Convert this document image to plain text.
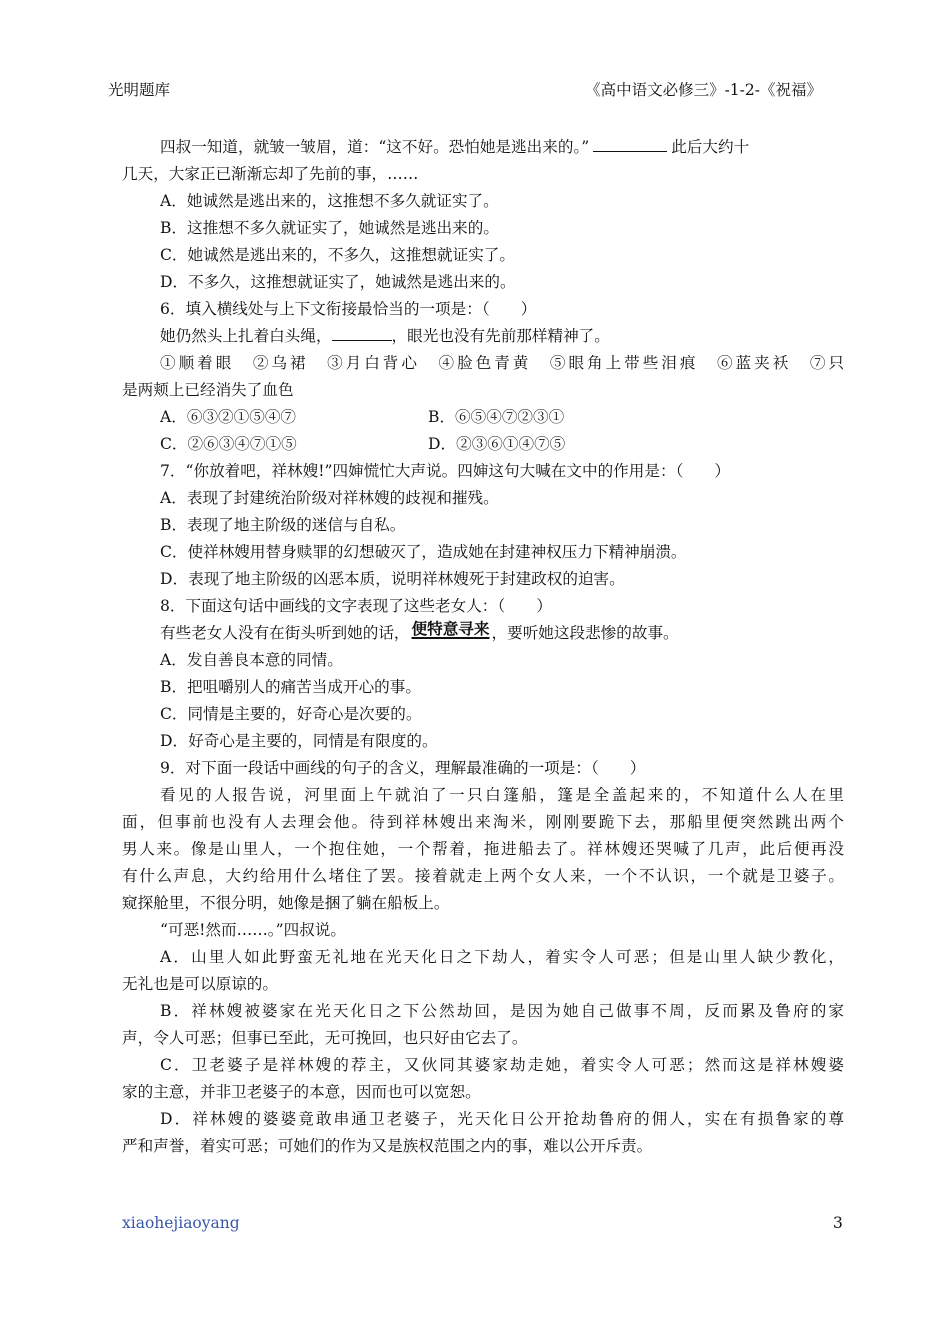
光明题库	《高中语文必修三》-1-2-《祝福》
四叔一知道，就皱一皱眉，道：“这不好。恐怕她是逃出来的。”	此后大约十
几天，大家正已渐渐忘却了先前的事，……
A．她诚然是逃出来的，这推想不多久就证实了。
B．这推想不多久就证实了，她诚然是逃出来的。
C．她诚然是逃出来的，不多久，这推想就证实了。
D．不多久，这推想就证实了，她诚然是逃出来的。
6．填入横线处与上下文衔接最恰当的一项是：（　　）
她仍然头上扎着白头绳，	，眼光也没有先前那样精神了。
①顺着眼　②乌裙　③月白背心　④脸色青黄　⑤眼角上带些泪痕　⑥蓝夹袄　⑦只
是两颊上已经消失了血色
A．⑥③②①⑤④⑦	B．⑥⑤④⑦②③①
C．②⑥③④⑦①⑤	D．②③⑥①④⑦⑤
7．“你放着吧，祥林嫂!”四婶慌忙大声说。四婶这句大喊在文中的作用是：（　　）
A．表现了封建统治阶级对祥林嫂的歧视和摧残。
B．表现了地主阶级的迷信与自私。
C．使祥林嫂用替身赎罪的幻想破灭了，造成她在封建神权压力下精神崩溃。
D．表现了地主阶级的凶恶本质，说明祥林嫂死于封建政权的迫害。
8．下面这句话中画线的文字表现了这些老女人：（　　）
有些老女人没有在街头听到她的话， 便特意寻来 ，要听她这段悲惨的故事。
A．发自善良本意的同情。
B．把咀嚼别人的痛苦当成开心的事。
C．同情是主要的，好奇心是次要的。
D．好奇心是主要的，同情是有限度的。
9．对下面一段话中画线的句子的含义，理解最准确的一项是：（　　）
看见的人报告说，河里面上午就泊了一只白篷船，篷是全盖起来的，不知道什么人在里
面，但事前也没有人去理会他。待到祥林嫂出来淘米，刚刚要跪下去，那船里便突然跳出两个
男人来。像是山里人，一个抱住她，一个帮着，拖进船去了。祥林嫂还哭喊了几声，此后便再没
有什么声息，大约给用什么堵住了罢。接着就走上两个女人来，一个不认识，一个就是卫婆子。
窥探舱里，不很分明，她像是捆了躺在船板上。
“可恶!然而……。”四叔说。
A．山里人如此野蛮无礼地在光天化日之下劫人，着实令人可恶；但是山里人缺少教化，
无礼也是可以原谅的。
B．祥林嫂被婆家在光天化日之下公然劫回，是因为她自己做事不周，反而累及鲁府的家
声，令人可恶；但事已至此，无可挽回，也只好由它去了。
C．卫老婆子是祥林嫂的荐主，又伙同其婆家劫走她，着实令人可恶；然而这是祥林嫂婆
家的主意，并非卫老婆子的本意，因而也可以宽恕。
D．祥林嫂的婆婆竟敢串通卫老婆子，光天化日公开抢劫鲁府的佣人，实在有损鲁家的尊
严和声誉，着实可恶；可她们的作为又是族权范围之内的事，难以公开斥责。
xiaohejiaoyang	3
